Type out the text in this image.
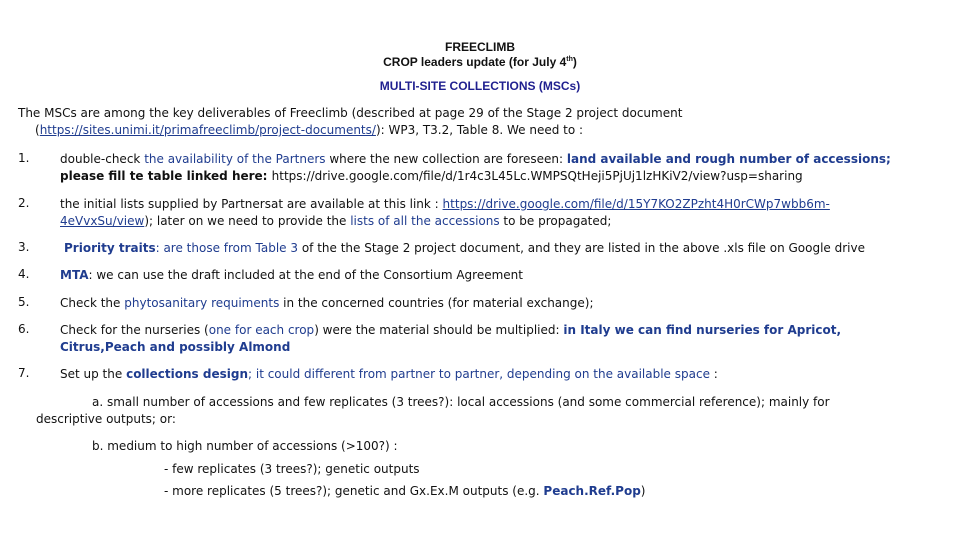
FREECLIMB
CROP leaders update (for July 4th)
MULTI-SITE COLLECTIONS (MSCs)
The MSCs are among the key deliverables of Freeclimb (described at page 29 of the Stage 2 project document
(https://sites.unimi.it/primafreeclimb/project-documents/): WP3, T3.2, Table 8. We need to :
1.	double-check the availability of the Partners where the new collection are foreseen: land available and rough number of accessions;
please fill te table linked here: https://drive.google.com/file/d/1r4c3L45Lc.WMPSQtHeji5PjUj1lzHKiV2/view?usp=sharing
2.	the initial lists supplied by Partnersat are available at this link : https://drive.google.com/file/d/15Y7KO2ZPzht4H0rCWp7wbb6m-
4eVvxSu/view); later on we need to provide the lists of all the accessions to be propagated;
3.	Priority traits: are those from Table 3 of the the Stage 2 project document, and they are listed in the above .xls file on Google drive
4.	MTA: we can use the draft included at the end of the Consortium Agreement
5.	Check the phytosanitary requiments in the concerned countries (for material exchange);
6.	Check for the nurseries (one for each crop) were the material should be multiplied: in Italy we can find nurseries for Apricot,
Citrus,Peach and possibly Almond
7.	Set up the collections design; it could different from partner to partner, depending on the available space :
a. small number of accessions and few replicates (3 trees?): local accessions (and some commercial reference); mainly for
descriptive outputs; or:
b. medium to high number of accessions (>100?) :
- few replicates (3 trees?); genetic outputs
- more replicates (5 trees?); genetic and Gx.Ex.M outputs (e.g. Peach.Ref.Pop)
